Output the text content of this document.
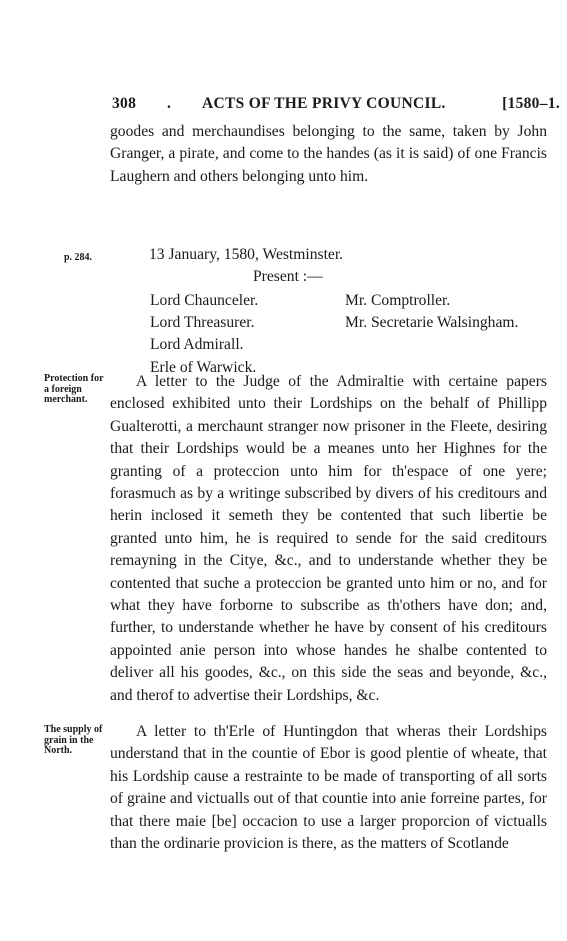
308 . ACTS OF THE PRIVY COUNCIL.	[1580–1.
goodes and merchaundises belonging to the same, taken by John Granger, a pirate, and come to the handes (as it is said) of one Francis Laughern and others belonging unto him.
p. 284.	13 January, 1580, Westminster.
Present :—
Lord Chaunceler.
Lord Threasurer.
Lord Admirall.
Erle of Warwick.
Mr. Comptroller.
Mr. Secretarie Walsingham.
Protection for a foreign merchant.
A letter to the Judge of the Admiraltie with certaine papers enclosed exhibited unto their Lordships on the behalf of Phillipp Gualterotti, a merchaunt stranger now prisoner in the Fleete, desiring that their Lordships would be a meanes unto her Highnes for the granting of a proteccion unto him for th'espace of one yere; forasmuch as by a writinge subscribed by divers of his creditours and herin inclosed it semeth they be contented that such libertie be granted unto him, he is required to sende for the said creditours remayning in the Citye, &c., and to understande whether they be contented that suche a proteccion be granted unto him or no, and for what they have forborne to subscribe as th'others have don; and, further, to understande whether he have by consent of his creditours appointed anie person into whose handes he shalbe contented to deliver all his goodes, &c., on this side the seas and beyonde, &c., and therof to advertise their Lordships, &c.
The supply of grain in the North.
A letter to th'Erle of Huntingdon that wheras their Lordships understand that in the countie of Ebor is good plentie of wheate, that his Lordship cause a restrainte to be made of transporting of all sorts of graine and victualls out of that countie into anie forreine partes, for that there maie [be] occacion to use a larger proporcion of victualls than the ordinarie provicion is there, as the matters of Scotlande
